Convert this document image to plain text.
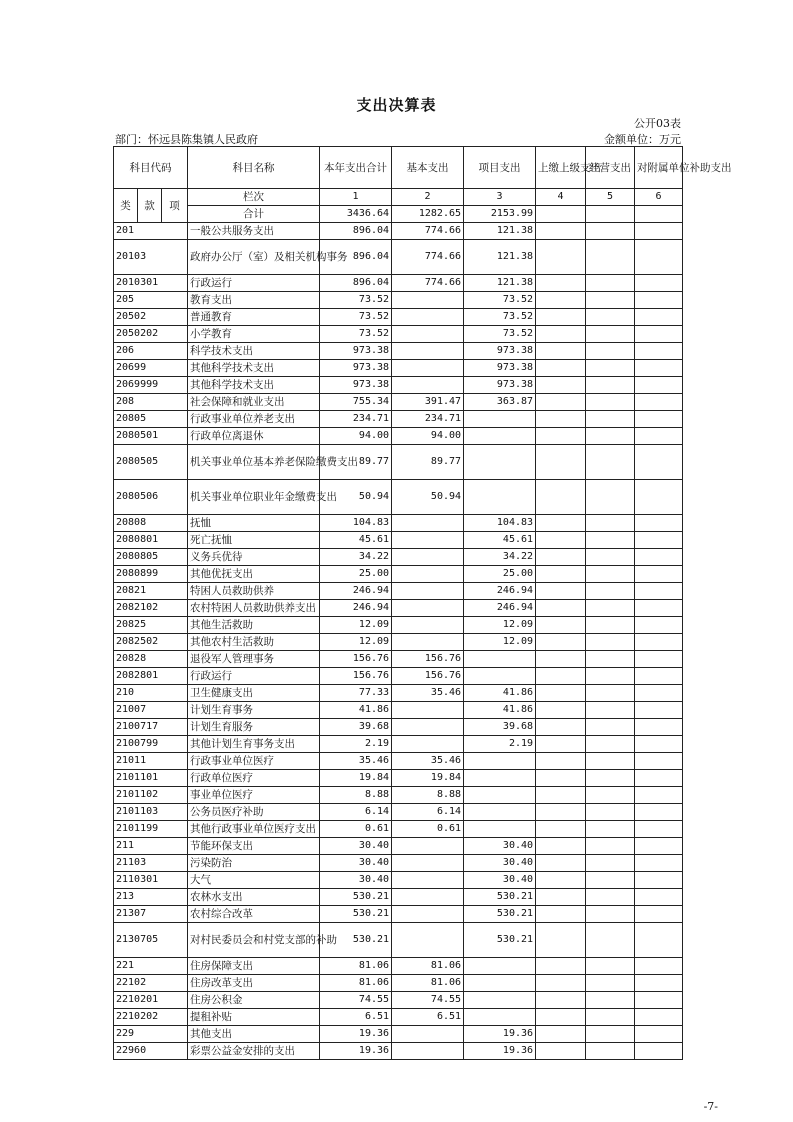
支出决算表
公开03表
部门：怀远县陈集镇人民政府	金额单位：万元
科目代码			科目名称	本年支出合计	基本支出	项目支出	上缴上级支出	经营支出	对附属单位补助支出
类	款	项	栏次	1	2	3	4	5	6
			合计	3436.64	1282.65	2153.99			
201			一般公共服务支出	896.04	774.66	121.38			
20103			政府办公厅（室）及相关机构事务	896.04	774.66	121.38			
2010301			行政运行	896.04	774.66	121.38			
205			教育支出	73.52		73.52			
20502			普通教育	73.52		73.52			
2050202			小学教育	73.52		73.52			
206			科学技术支出	973.38		973.38			
20699			其他科学技术支出	973.38		973.38			
2069999			其他科学技术支出	973.38		973.38			
208			社会保障和就业支出	755.34	391.47	363.87			
20805			行政事业单位养老支出	234.71	234.71				
2080501			行政单位离退休	94.00	94.00				
2080505			机关事业单位基本养老保险缴费支出	89.77	89.77				
2080506			机关事业单位职业年金缴费支出	50.94	50.94				
20808			抚恤	104.83		104.83			
2080801			死亡抚恤	45.61		45.61			
2080805			义务兵优待	34.22		34.22			
2080899			其他优抚支出	25.00		25.00			
20821			特困人员救助供养	246.94		246.94			
2082102			农村特困人员救助供养支出	246.94		246.94			
20825			其他生活救助	12.09		12.09			
2082502			其他农村生活救助	12.09		12.09			
20828			退役军人管理事务	156.76	156.76				
2082801			行政运行	156.76	156.76				
210			卫生健康支出	77.33	35.46	41.86			
21007			计划生育事务	41.86		41.86			
2100717			计划生育服务	39.68		39.68			
2100799			其他计划生育事务支出	2.19		2.19			
21011			行政事业单位医疗	35.46	35.46				
2101101			行政单位医疗	19.84	19.84				
2101102			事业单位医疗	8.88	8.88				
2101103			公务员医疗补助	6.14	6.14				
2101199			其他行政事业单位医疗支出	0.61	0.61				
211			节能环保支出	30.40		30.40			
21103			污染防治	30.40		30.40			
2110301			大气	30.40		30.40			
213			农林水支出	530.21		530.21			
21307			农村综合改革	530.21		530.21			
2130705			对村民委员会和村党支部的补助	530.21		530.21			
221			住房保障支出	81.06	81.06				
22102			住房改革支出	81.06	81.06				
2210201			住房公积金	74.55	74.55				
2210202			提租补贴	6.51	6.51				
229			其他支出	19.36		19.36			
22960			彩票公益金安排的支出	19.36		19.36			
-7-
